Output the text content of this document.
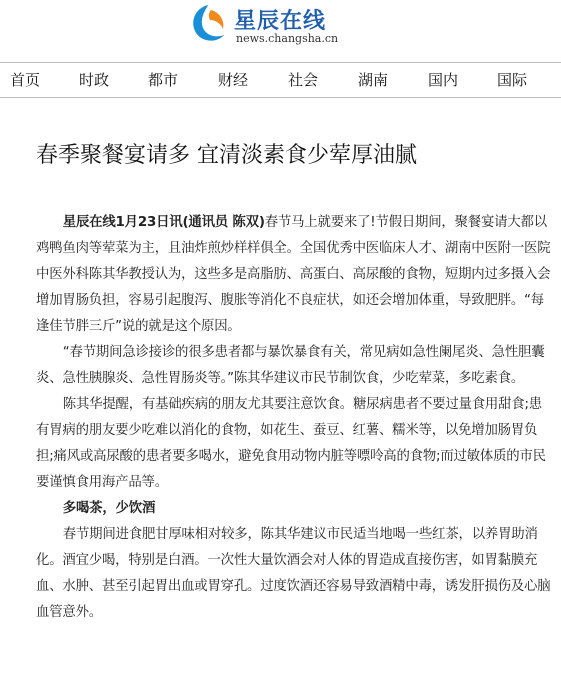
星辰在线
news.changsha.cn
首页	时政	都市	财经	社会	湖南	国内	国际
春季聚餐宴请多 宜清淡素食少荤厚油腻

星辰在线1月23日讯(通讯员 陈双)春节马上就要来了!节假日期间，聚餐宴请大都以鸡鸭鱼肉等荤菜为主，且油炸煎炒样样俱全。全国优秀中医临床人才、湖南中医附一医院中医外科陈其华教授认为，这些多是高脂肪、高蛋白、高尿酸的食物，短期内过多摄入会增加胃肠负担，容易引起腹泻、腹胀等消化不良症状，如还会增加体重，导致肥胖。“每逢佳节胖三斤”说的就是这个原因。

“春节期间急诊接诊的很多患者都与暴饮暴食有关，常见病如急性阑尾炎、急性胆囊炎、急性胰腺炎、急性胃肠炎等。”陈其华建议市民节制饮食，少吃荤菜，多吃素食。

陈其华提醒，有基础疾病的朋友尤其要注意饮食。糖尿病患者不要过量食用甜食;患有胃病的朋友要少吃难以消化的食物，如花生、蚕豆、红薯、糯米等，以免增加肠胃负担;痛风或高尿酸的患者要多喝水，避免食用动物内脏等嘌呤高的食物;而过敏体质的市民要谨慎食用海产品等。

多喝茶，少饮酒

春节期间进食肥甘厚味相对较多，陈其华建议市民适当地喝一些红茶，以养胃助消化。酒宜少喝，特别是白酒。一次性大量饮酒会对人体的胃造成直接伤害，如胃黏膜充血、水肿、甚至引起胃出血或胃穿孔。过度饮酒还容易导致酒精中毒，诱发肝损伤及心脑血管意外。
